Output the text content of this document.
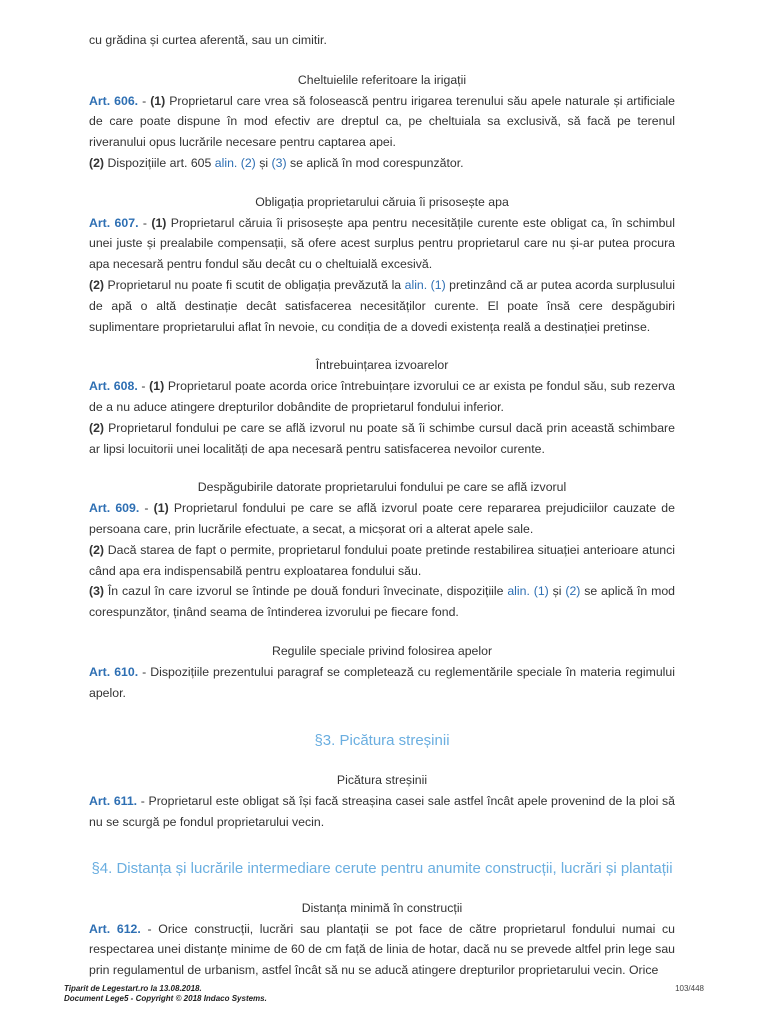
cu grădina și curtea aferentă, sau un cimitir.

Cheltuielile referitoare la irigații

Art. 606. - (1) Proprietarul care vrea să folosească pentru irigarea terenului său apele naturale și artificiale de care poate dispune în mod efectiv are dreptul ca, pe cheltuiala sa exclusivă, să facă pe terenul riveranului opus lucrările necesare pentru captarea apei.

(2) Dispozițiile art. 605 alin. (2) și (3) se aplică în mod corespunzător.

Obligația proprietarului căruia îi prisosește apa

Art. 607. - (1) Proprietarul căruia îi prisosește apa pentru necesitățile curente este obligat ca, în schimbul unei juste și prealabile compensații, să ofere acest surplus pentru proprietarul care nu și-ar putea procura apa necesară pentru fondul său decât cu o cheltuială excesivă.

(2) Proprietarul nu poate fi scutit de obligația prevăzută la alin. (1) pretinzând că ar putea acorda surplusului de apă o altă destinație decât satisfacerea necesităților curente. El poate însă cere despăgubiri suplimentare proprietarului aflat în nevoie, cu condiția de a dovedi existența reală a destinației pretinse.

Întrebuințarea izvoarelor

Art. 608. - (1) Proprietarul poate acorda orice întrebuințare izvorului ce ar exista pe fondul său, sub rezerva de a nu aduce atingere drepturilor dobândite de proprietarul fondului inferior.

(2) Proprietarul fondului pe care se află izvorul nu poate să îi schimbe cursul dacă prin această schimbare ar lipsi locuitorii unei localități de apa necesară pentru satisfacerea nevoilor curente.

Despăgubirile datorate proprietarului fondului pe care se află izvorul

Art. 609. - (1) Proprietarul fondului pe care se află izvorul poate cere repararea prejudiciilor cauzate de persoana care, prin lucrările efectuate, a secat, a micșorat ori a alterat apele sale.

(2) Dacă starea de fapt o permite, proprietarul fondului poate pretinde restabilirea situației anterioare atunci când apa era indispensabilă pentru exploatarea fondului său.

(3) În cazul în care izvorul se întinde pe două fonduri învecinate, dispozițiile alin. (1) și (2) se aplică în mod corespunzător, ținând seama de întinderea izvorului pe fiecare fond.

Regulile speciale privind folosirea apelor

Art. 610. - Dispozițiile prezentului paragraf se completează cu reglementările speciale în materia regimului apelor.

§3. Picătura streșinii

Picătura streșinii

Art. 611. - Proprietarul este obligat să își facă streașina casei sale astfel încât apele provenind de la ploi să nu se scurgă pe fondul proprietarului vecin.

§4. Distanța și lucrările intermediare cerute pentru anumite construcții, lucrări și plantații

Distanța minimă în construcții

Art. 612. - Orice construcții, lucrări sau plantații se pot face de către proprietarul fondului numai cu respectarea unei distanțe minime de 60 de cm față de linia de hotar, dacă nu se prevede altfel prin lege sau prin regulamentul de urbanism, astfel încât să nu se aducă atingere drepturilor proprietarului vecin. Orice

Tiparit de Legestart.ro la 13.08.2018.
Document Lege5 - Copyright © 2018 Indaco Systems.
103/448
